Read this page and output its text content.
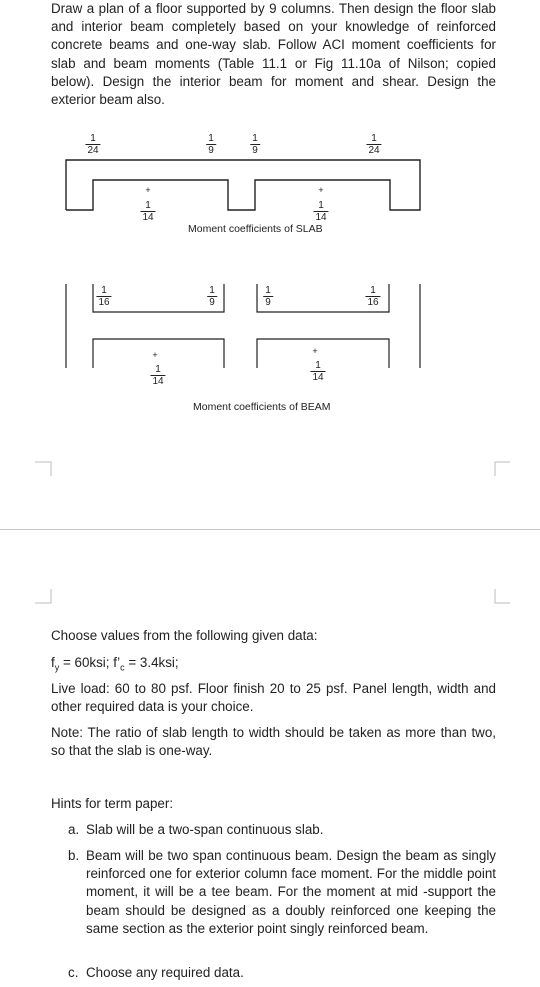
Draw a plan of a floor supported by 9 columns. Then design the floor slab and interior beam completely based on your knowledge of reinforced concrete beams and one-way slab. Follow ACI moment coefficients for slab and beam moments (Table 11.1 or Fig 11.10a of Nilson; copied below). Design the interior beam for moment and shear. Design the exterior beam also.

$\frac{1}{24}$	$\frac{1}{9}$	$\frac{1}{9}$	$\frac{1}{24}$
+
$\frac{1}{14}$
+
$\frac{1}{14}$
Moment coefficients of SLAB
$\frac{1}{16}$	$\frac{1}{9}$	$\frac{1}{9}$	$\frac{1}{16}$
+
$\frac{1}{14}$
+
$\frac{1}{14}$
Moment coefficients of BEAM

Choose values from the following given data:

$f_y = 60ksi$; $f’_c = 3.4ksi$;

Live load: 60 to 80 psf. Floor finish 20 to 25 psf. Panel length, width and other required data is your choice.

Note: The ratio of slab length to width should be taken as more than two, so that the slab is one-way.

Hints for term paper:

a. Slab will be a two-span continuous slab.
b. Beam will be two span continuous beam. Design the beam as singly reinforced one for exterior column face moment. For the middle point moment, it will be a tee beam. For the moment at mid -support the beam should be designed as a doubly reinforced one keeping the same section as the exterior point singly reinforced beam.
c. Choose any required data.
